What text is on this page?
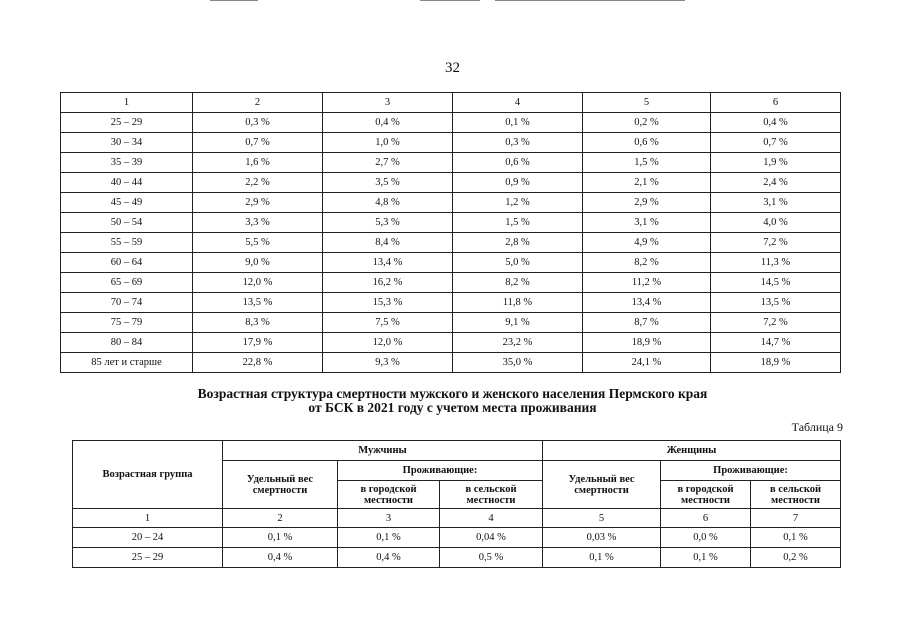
32
1	2	3	4	5	6
25 – 29	0,3 %	0,4 %	0,1 %	0,2 %	0,4 %
30 – 34	0,7 %	1,0 %	0,3 %	0,6 %	0,7 %
35 – 39	1,6 %	2,7 %	0,6 %	1,5 %	1,9 %
40 – 44	2,2 %	3,5 %	0,9 %	2,1 %	2,4 %
45 – 49	2,9 %	4,8 %	1,2 %	2,9 %	3,1 %
50 – 54	3,3 %	5,3 %	1,5 %	3,1 %	4,0 %
55 – 59	5,5 %	8,4 %	2,8 %	4,9 %	7,2 %
60 – 64	9,0 %	13,4 %	5,0 %	8,2 %	11,3 %
65 – 69	12,0 %	16,2 %	8,2 %	11,2 %	14,5 %
70 – 74	13,5 %	15,3 %	11,8 %	13,4 %	13,5 %
75 – 79	8,3 %	7,5 %	9,1 %	8,7 %	7,2 %
80 – 84	17,9 %	12,0 %	23,2 %	18,9 %	14,7 %
85 лет и старше	22,8 %	9,3 %	35,0 %	24,1 %	18,9 %
Возрастная структура смертности мужского и женского населения Пермского края
от БСК в 2021 году с учетом места проживания
Таблица 9
Возрастная группа	Мужчины			Женщины		
	Удельный вес смертности	Проживающие:		Удельный вес смертности	Проживающие:	
		в городской местности	в сельской местности		в городской местности	в сельской местности
1	2	3	4	5	6	7
20 – 24	0,1 %	0,1 %	0,04 %	0,03 %	0,0 %	0,1 %
25 – 29	0,4 %	0,4 %	0,5 %	0,1 %	0,1 %	0,2 %
